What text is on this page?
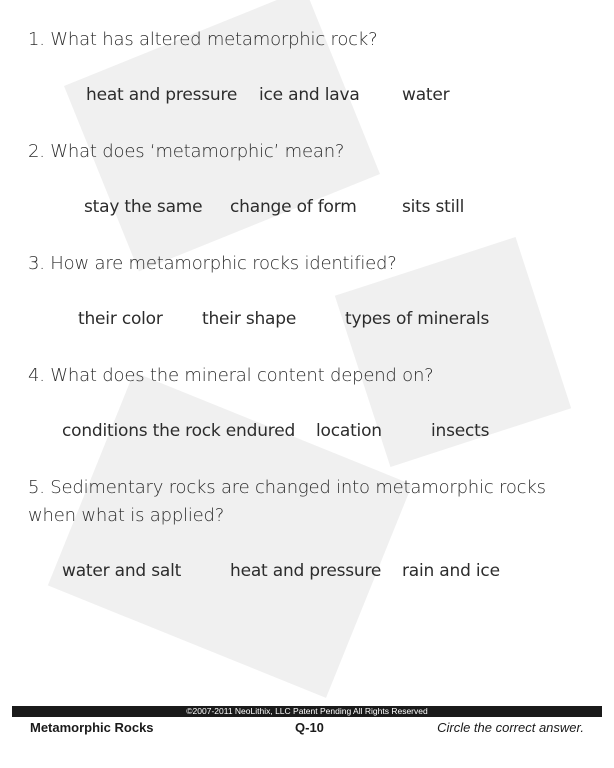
1. What has altered metamorphic rock?
heat and pressure ice and lava water
2. What does ‘metamorphic’ mean?
stay the same change of form	sits still
3. How are metamorphic rocks identified?
their color their shape	types of minerals
4. What does the mineral content depend on?
conditions the rock endured location	insects
5. Sedimentary rocks are changed into metamorphic rocks when what is applied?
water and salt	heat and pressure rain and ice
©2007-2011 NeoLithix, LLC Patent Pending All Rights Reserved
Metamorphic Rocks	Q-10	Circle the correct answer.
